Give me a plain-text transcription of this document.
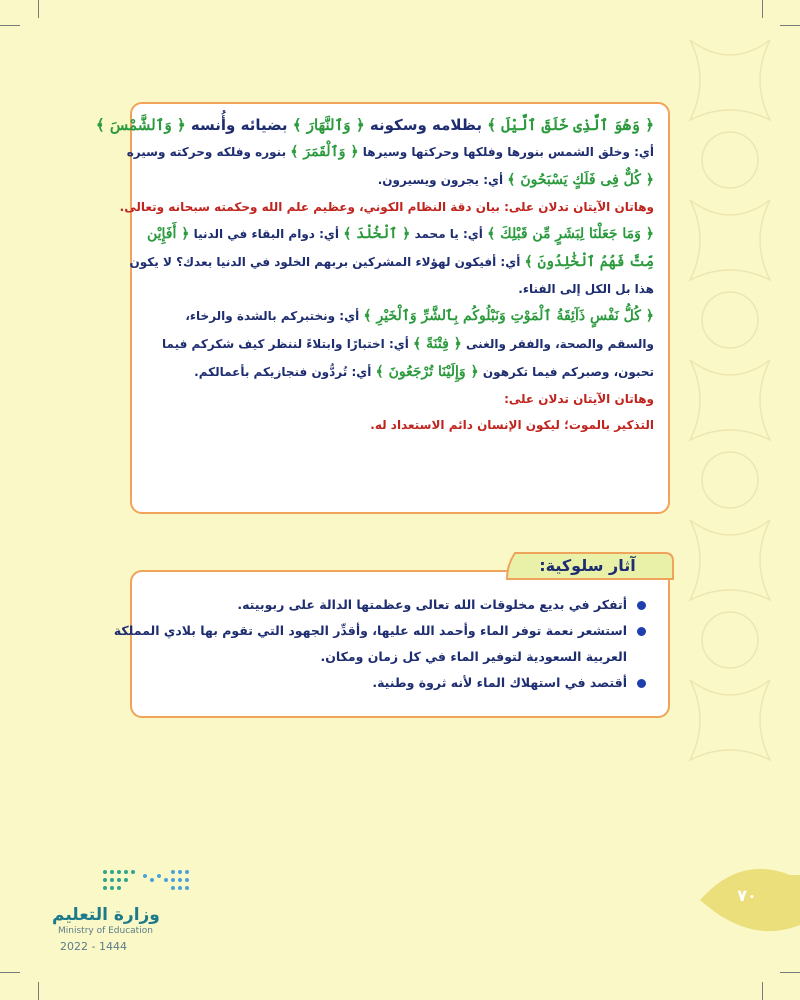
﴿ وَهُوَ ٱلَّذِى خَلَقَ ٱلَّيْلَ ﴾ بظلامه وسكونه ﴿ وَٱلنَّهَارَ ﴾ بضيائه وأُنسه ﴿ وَٱلشَّمْسَ ﴾
أي: وخلق الشمس بنورها وفلكها وحركتها وسيرها ﴿ وَٱلْقَمَرَ ﴾ بنوره وفلكه وحركته وسيره
﴿ كُلٌّ فِى فَلَكٍ يَسْبَحُونَ ﴾ أي: يجرون ويسيرون.
وهاتان الآيتان تدلان على: بيان دقة النظام الكوني، وعظيم علم الله وحكمته سبحانه وتعالى.
﴿ وَمَا جَعَلْنَا لِبَشَرٍ مِّن قَبْلِكَ ﴾ أي: يا محمد ﴿ ٱلْخُلْدَ ﴾ أي: دوام البقاء في الدنيا ﴿ أَفَإِيْن
مِّتَّ فَهُمُ ٱلْخَٰلِدُونَ ﴾ أي: أفيكون لهؤلاء المشركين بربهم الخلود في الدنيا بعدك؟ لا يكون
هذا بل الكل إلى الفناء.
﴿ كُلُّ نَفْسٍ ذَآئِقَةُ ٱلْمَوْتِ وَنَبْلُوكُم بِٱلشَّرِّ وَٱلْخَيْرِ ﴾ أي: ونختبركم بالشدة والرخاء،
والسقم والصحة، والفقر والغنى ﴿ فِتْنَةً ﴾ أي: اختبارًا وابتلاءً لننظر كيف شكركم فيما
تحبون، وصبركم فيما تكرهون ﴿ وَإِلَيْنَا تُرْجَعُونَ ﴾ أي: تُردُّون فنجازيكم بأعمالكم.
وهاتان الآيتان تدلان على:
التذكير بالموت؛ ليكون الإنسان دائم الاستعداد له.
أتفكر في بديع مخلوقات الله تعالى وعظمتها الدالة على ربوبيته.
استشعر نعمة توفر الماء وأحمد الله عليها، وأقدِّر الجهود التي تقوم بها بلادي المملكة
العربية السعودية لتوفير الماء في كل زمان ومكان.
أقتصد في استهلاك الماء لأنه ثروة وطنية.
آثار سلوكية:
٧٠
وزارة التعليم
Ministry of Education
2022 - 1444
